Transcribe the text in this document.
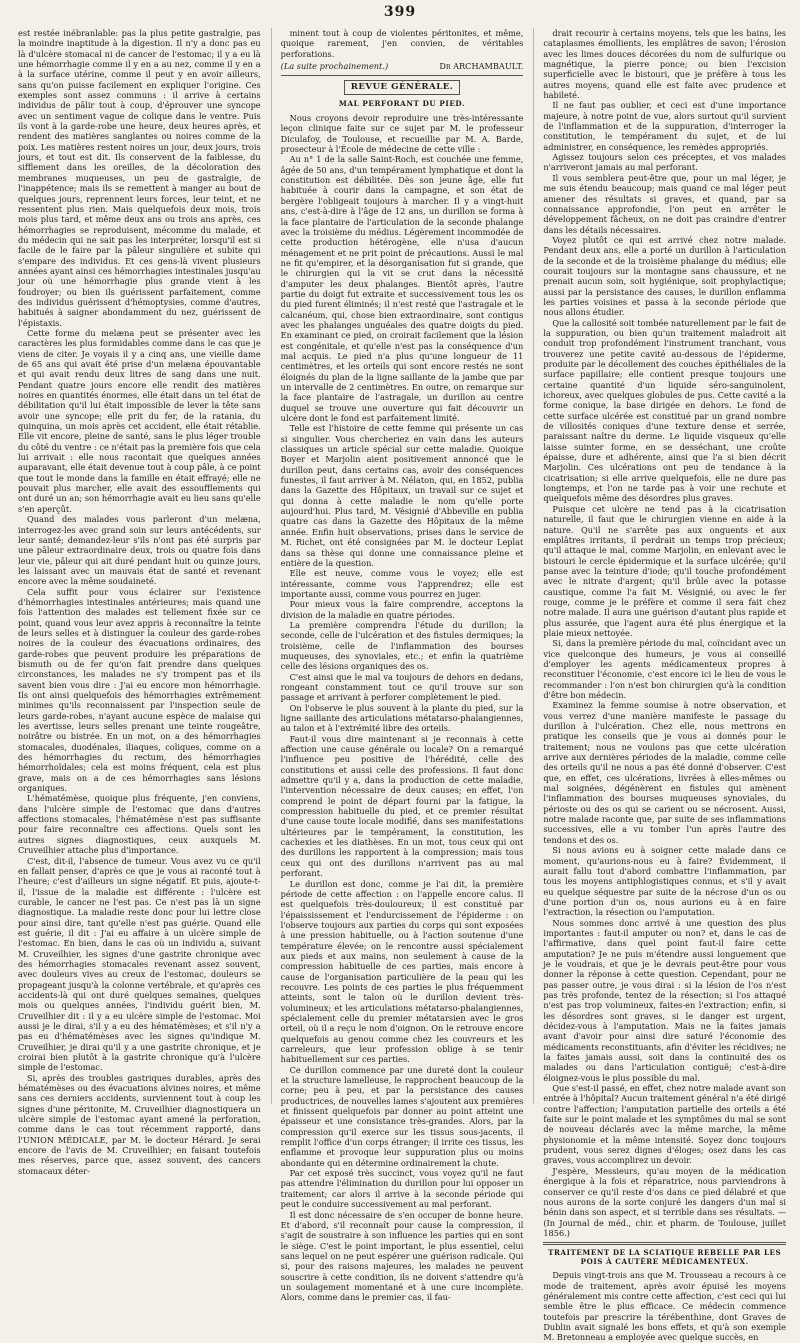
399

est restée inébranlable: pas la plus petite gastralgie, pas la moindre inaptitude à la digestion. Il n'y a donc pas eu là d'ulcère stomacal ni de cancer de l'estomac; il y a eu là une hémorrhagie comme il y en a au nez, comme il y en a à la surface utérine, comme il peut y en avoir ailleurs, sans qu'on puisse facilement en expliquer l'origine. Ces exemples sont assez communs : il arrive à certains individus de pâlir tout à coup, d'éprouver une syncope avec un sentiment vague de colique dans le ventre. Puis ils vont à la garde-robe une heure, deux heures après, et rendent des matières sanglantes ou noires comme de la poix. Les matières restent noires un jour, deux jours, trois jours, et tout est dit. Ils conservent de la faiblesse, du sifflement dans les oreilles, de la décoloration des membranes muqueuses, un peu de gastralgie, de l'inappétence; mais ils se remettent à manger au bout de quelques jours, reprennent leurs forces, leur teint, et ne ressentent plus rien. Mais quelquefois deux mois, trois mois plus tard, et même deux ans ou trois ans après, ces hémorrhagies se reproduisent, mécomme du malade, et du médecin qui ne sait pas les interpréter, lorsqu'il est si facile de le faire par la pâleur singulière et subite qui s'empare des individus. Et ces gens-là vivent plusieurs années ayant ainsi ces hémorrhagies intestinales jusqu'au jour où une hémorrhagie plus grande vient à les foudroyer; ou bien ils guérissent parfaitement, comme des individus guérissent d'hémoptysies, comme d'autres, habitués à saigner abondamment du nez, guérissent de l'épistaxis.

Cette forme du melæna peut se présenter avec les caractères les plus formidables comme dans le cas que je viens de citer. Je voyais il y a cinq ans, une vieille dame de 65 ans qui avait été prise d'un melæna épouvantable et qui avait rendu deux litres de sang dans une nuit. Pendant quatre jours encore elle rendit des matières noires en quantités énormes, elle était dans un tel état de débilitation qu'il lui était impossible de lever la tête sans avoir une syncope; elle prit du fer, de la ratania, du quinquina, un mois après cet accident, elle était rétablie. Elle vit encore, pleine de santé, sans le plus léger trouble du côté du ventre : ce n'était pas la première fois que cela lui arrivait : elle nous racontait que quelques années auparavant, elle était devenue tout à coup pâle, à ce point que tout le monde dans la famille en était effrayé; elle ne pouvait plus marcher, elle avait des essoufflements qui ont duré un an; son hémorrhagie avait eu lieu sans qu'elle s'en aperçût.

Quand des malades vous parleront d'un melæna, interrogez-les avec grand soin sur leurs antécédents, sur leur santé; demandez-leur s'ils n'ont pas été surpris par une pâleur extraordinaire deux, trois ou quatre fois dans leur vie, pâleur qui ait duré pendant huit ou quinze jours, les laissant avec un mauvais état de santé et revenant encore avec la même soudaineté.

Cela suffit pour vous éclairer sur l'existence d'hémorrhagies intestinales antérieures; mais quand une fois l'attention des malades est tellement fixée sur ce point, quand vous leur avez appris à reconnaître la teinte de leurs selles et à distinguer la couleur des garde-robes noires de la couleur des évacuations ordinaires, des garde-robes que peuvent produire les préparations de bismuth ou de fer qu'on fait prendre dans quelques circonstances, les malades ne s'y trompent pas et ils savent bien vous dire : J'ai eu encore mon hémorrhagie. Ils ont ainsi quelquefois des hémorrhagies extrêmement minimes qu'ils reconnaissent par l'inspection seule de leurs garde-robes, n'ayant aucune espèce de malaise qui les avertisse, leurs selles prenant une teinte rougeâtre, noirâtre ou bistrée. En un mot, on a des hémorrhagies stomacales, duodénales, iliaques, coliques, comme on a des hémorrhagies du rectum, des hémorrhagies hémorrhoïdales; cela est moins fréquent, cela est plus grave, mais on a de ces hémorrhagies sans lésions organiques.

L'hématémèse, quoique plus fréquente, j'en conviens, dans l'ulcère simple de l'estomac que dans d'autres affections stomacales, l'hématémèse n'est pas suffisante pour faire reconnaître ces affections. Quels sont les autres signes diagnostiques, ceux auxquels M. Cruveilhier attache plus d'importance.

C'est, dit-il, l'absence de tumeur. Vous avez vu ce qu'il en fallait penser, d'après ce que je vous ai raconté tout à l'heure; c'est d'ailleurs un signe négatif. Et puis, ajoute-t-il, l'issue de la maladie est différente : l'ulcère est curable, le cancer ne l'est pas. Ce n'est pas là un signe diagnostique. La maladie reste donc pour lui lettre close pour ainsi dire, tant qu'elle n'est pas guérie. Quand elle est guérie, il dit : J'ai eu affaire à un ulcère simple de l'estomac. En bien, dans le cas où un individu a, suivant M. Cruveilhier, les signes d'une gastrite chronique avec des hémorrhagies stomacales revenant assez souvent, avec douleurs vives au creux de l'estomac, douleurs se propageant jusqu'à la colonne vertébrale, et qu'après ces accidents-là qui ont duré quelques semaines, quelques mois ou quelques années, l'individu guérit bien, M. Cruveilhier dit : il y a eu ulcère simple de l'estomac. Moi aussi je le dirai, s'il y a eu des hématémèses; et s'il n'y a pas eu d'hématémèses avec les signes qu'indique M. Cruveilhier, je dirai qu'il y a une gastrite chronique, et je croirai bien plutôt à la gastrite chronique qu'à l'ulcère simple de l'estomac.

Si, après des troubles gastriques durables, après des hématémèses ou des évacuations alvines noires, et même sans ces derniers accidents, surviennent tout à coup les signes d'une péritonite, M. Cruveilhier diagnostiquera un ulcère simple de l'estomac ayant amené la perforation, comme dans le cas tout récemment rapporté, dans l'UNION MÉDICALE, par M. le docteur Hérard. Je serai encore de l'avis de M. Cruveilhier; en faisant toutefois mes réserves, parce que, assez souvent, des cancers stomacaux déter-

minent tout à coup de violentes péritonites, et même, quoique rarement, j'en convien, de véritables perforations.

(La suite prochainement.)	Dr ARCHAMBAULT.
REVUE GÉNÉRALE.
MAL PERFORANT DU PIED.

Nous croyons devoir reproduire une très-intéressante leçon clinique faite sur ce sujet par M. le professeur Diculafoy, de Toulouse, et recueillie par M. A. Barde, prosecteur à l'École de médecine de cette ville :

Au n° 1 de la salle Saint-Roch, est couchée une femme, âgée de 50 ans, d'un tempérament lymphatique et dont la constitution est débilitée. Dès son jeune âge, elle fut habituée à courir dans la campagne, et son état de bergère l'obligeait toujours à marcher. Il y a vingt-huit ans, c'est-à-dire à l'âge de 12 ans, un durillon se forma à la face plantaire de l'articulation de la seconde phalange avec la troisième du médius. Légèrement incommodée de cette production hétérogène, elle n'usa d'aucun ménagement et ne prit point de précautions. Aussi le mal ne fit qu'empirer, et la désorganisation fut si grande, que le chirurgien qui la vit se crut dans la nécessité d'amputer les deux phalanges. Bientôt après, l'autre partie du doigt fut extraite et successivement tous les os du pied furent éliminés; il n'est resté que l'astragale et le calcanéum, qui, chose bien extraordinaire, sont contigus avec les phalanges unguéales des quatre doigts du pied. En examinant ce pied, on croirait facilement que la lésion est congénitale, et qu'elle n'est pas la conséquence d'un mal acquis. Le pied n'a plus qu'une longueur de 11 centimètres, et les orteils qui sont encore restés ne sont éloignés du plan de la ligne saillante de la jambe que par un intervalle de 2 centimètres. En outre, on remarque sur la face plantaire de l'astragale, un durillon au centre duquel se trouve une ouverture qui fait découvrir un ulcère dont le fond est parfaitement limité.

Telle est l'histoire de cette femme qui présente un cas si singulier. Vous chercheriez en vain dans les auteurs classiques un article spécial sur cette maladie. Quoique Boyer et Marjolin aient positivement annoncé que le durillon peut, dans certains cas, avoir des conséquences funestes, il faut arriver à M. Nélaton, qui, en 1852, publia dans la Gazette des Hôpitaux, un travail sur ce sujet et qui donna à cette maladie le nom qu'elle porte aujourd'hui. Plus tard, M. Vésignié d'Abbeville en publia quatre cas dans la Gazette des Hôpitaux de la même année. Enfin huit observations, prises dans le service de M. Richet, ont été consignées par M. le docteur Leplat dans sa thèse qui donne une connaissance pleine et entière de la question.

Elle est neuve, comme vous le voyez; elle est intéressante, comme vous l'apprendrez; elle est importante aussi, comme vous pourrez en juger.

Pour mieux vous la faire comprendre, acceptons la division de la maladie en quatre périodes.

La première comprendra l'étude du durillon; la seconde, celle de l'ulcération et des fistules dermiques; la troisième, celle de l'inflammation des bourses muqueuses, des synoviales, etc.; et enfin la quatrième celle des lésions organiques des os.

C'est ainsi que le mal va toujours de dehors en dedans, rongeant constamment tout ce qu'il trouve sur son passage et arrivant à perforer complètement le pied.

On l'observe le plus souvent à la plante du pied, sur la ligne saillante des articulations métatarso-phalangiennes, au talon et à l'extrémité libre des orteils.

Faut-il vous dire maintenant si je reconnais à cette affection une cause générale ou locale? On a remarqué l'influence peu positive de l'hérédité, celle des constitutions et aussi celle des professions. Il faut donc admettre qu'il y a, dans la production de cette maladie, l'intervention nécessaire de deux causes; en effet, l'on comprend le point de départ fourni par la fatigue, la compression habituelle du pied, et ce premier résultat d'une cause toute locale modifié, dans ses manifestations ultérieures par le tempérament, la constitution, les cachexies et les diathèses. En un mot, tous ceux qui ont des durillons les rapportent à la compression; mais tous ceux qui ont des durillons n'arrivent pas au mal perforant.

Le durillon est donc, comme je l'ai dit, la première période de cette affection : on l'appelle encore calus. Il est quelquefois très-douloureux; il est constitué par l'épaississement et l'endurcissement de l'épiderme : on l'observe toujours aux parties du corps qui sont exposées à une pression habituelle, ou à l'action soutenue d'une température élevée; on le rencontre aussi spécialement aux pieds et aux mains, non seulement à cause de la compression habituelle de ces parties, mais encore à cause de l'organisation particulière de la peau qui les recouvre. Les points de ces parties le plus fréquemment atteints, sont le talon où le durillon devient très-volumineux; et les articulations métatarso-phalangiennes, spécialement celle du premier métatarsien avec le gros orteil, où il a reçu le nom d'oignon. On le retrouve encore quelquefois au genou comme chez les couvreurs et les carreleurs, que leur profession oblige à se tenir habituellement sur ces parties.

Ce durillon commence par une dureté dont la couleur et la structure lamelleuse, le rapprochent beaucoup de la corne; peu à peu, et par la persistance des causes productrices, de nouvelles lames s'ajoutent aux premières et finissent quelquefois par donner au point atteint une épaisseur et une consistance très-grandes. Alors, par la compression qu'il exerce sur les tissus sous-jacents, il remplit l'office d'un corps étranger; il irrite ces tissus, les enflamme et provoque leur suppuration plus ou moins abondante qui en détermine ordinairement la chute.

Par cet exposé très succinct, vous voyez qu'il ne faut pas attendre l'élimination du durillon pour lui opposer un traitement; car alors il arrive à la seconde période qui peut le conduire successivement au mal perforant.

Il est donc nécessaire de s'en occuper de bonne heure. Et d'abord, s'il reconnaît pour cause la compression, il s'agit de soustraire à son influence les parties qui en sont le siège. C'est le point important, le plus essentiel, celui sans lequel on ne peut espérer une guérison radicale. Qui si, pour des raisons majeures, les malades ne peuvent souscrire à cette condition, ils ne doivent s'attendre qu'à un soulagement momentané et à une cure incomplète. Alors, comme dans le premier cas, il fau-

drait recourir à certains moyens, tels que les bains, les cataplasmes émollients, les emplâtres de savon; l'érosion avec les limes douces décorées du nom de sulfurique ou magnétique, la pierre ponce; ou bien l'excision superficielle avec le bistouri, que je préfère à tous les autres moyens, quand elle est faite avec prudence et habileté.

Il ne faut pas oublier, et ceci est d'une importance majeure, à notre point de vue, alors surtout qu'il survient de l'inflammation et de la suppuration, d'interroger la constitution, le tempérament du sujet, et de lui administrer, en conséquence, les remèdes appropriés.

Agissez toujours selon ces préceptes, et vos malades n'arriveront jamais au mal perforant.

Il vous semblera peut-être que, pour un mal léger, je me suis étendu beaucoup; mais quand ce mal léger peut amener des résultats si graves, et quand, par sa connaissance approfondie, l'on peut en arrêter le développement fâcheux, on ne doit pas craindre d'entrer dans les détails nécessaires.

Voyez plutôt ce qui est arrivé chez notre malade. Pendant deux ans, elle a porté un durillon à l'articulation de la seconde et de la troisième phalange du médius; elle courait toujours sur la montagne sans chaussure, et ne prenait aucun soin, soit hygiénique, soit prophylactique; aussi par la persistance des causes, le durillon enflamma les parties voisines et passa à la seconde période que nous allons étudier.

Que la callosité soit tombée naturellement par le fait de la suppuration, ou bien qu'un traitement maladroit ait conduit trop profondément l'instrument tranchant, vous trouverez une petite cavité au-dessous de l'épiderme, produite par le décollement des couches épithéliales de la surface papillaire; elle contient presque toujours une certaine quantité d'un liquide séro-sanguinolent, ichoreux, avec quelques globules de pus. Cette cavité a la forme conique, la base dirigée en dehors. Le fond de cette surface ulcérée est constitué par un grand nombre de villosités coniques d'une texture dense et serrée, paraissant naître du derme. Le liquide visqueux qu'elle laisse suinter forme, en se desséchant, une croûte épaisse, dure et adhérente, ainsi que l'a si bien décrit Marjolin. Ces ulcérations ont peu de tendance à la cicatrisation; si elle arrive quelquefois, elle ne dure pas longtemps, et l'on ne tarde pas à voir une rechute et quelquefois même des désordres plus graves.

Puisque cet ulcère ne tend pas à la cicatrisation naturelle, il faut que le chirurgien vienne en aide à la nature. Qu'il ne s'arrête pas aux onguents et aux emplâtres irritants, il perdrait un temps trop précieux; qu'il attaque le mal, comme Marjolin, en enlevant avec le bistouri le cercle épidermique et la surface ulcérée; qu'il panse avec la teinture d'iode; qu'il touche profondément avec le nitrate d'argent; qu'il brûle avec la potasse caustique, comme l'a fait M. Vésignié, ou avec le fer rouge, comme je le préfère et comme il sera fait chez notre malade. Il aura une guérison d'autant plus rapide et plus assurée, que l'agent aura été plus énergique et la plaie mieux nettoyée.

Si, dans la première période du mal, coïncidant avec un vice quelconque des humeurs, je vous ai conseillé d'employer les agents médicamenteux propres à reconstituer l'économie, c'est encore ici le lieu de vous le recommander : l'on n'est bon chirurgien qu'à la condition d'être bon médecin.

Examinez la femme soumise à notre observation, et vous verrez d'une manière manifeste le passage du durillon à l'ulcération. Chez elle, nous mettrons en pratique les conseils que je vous ai donnés pour le traitement; nous ne voulons pas que cette ulcération arrive aux dernières périodes de la maladie, comme celle des orteils qu'il ne nous a pas été donné d'observer. C'est que, en effet, ces ulcérations, livrées à elles-mêmes ou mal soignées, dégénèrent en fistules qui amènent l'inflammation des bourses muqueuses synoviales, du périoste ou des os qui se carient ou se nécrosent. Aussi, notre malade raconte que, par suite de ses inflammations successives, elle a vu tomber l'un après l'autre des tendons et des os.

Si nous avions eu à soigner cette malade dans ce moment, qu'aurions-nous eu à faire? Évidemment, il aurait fallu tout d'abord combattre l'inflammation, par tous les moyens antiphlogistiques connus, et s'il y avait eu quelque séquestre par suite de la nécrose d'un os ou d'une portion d'un os, nous aurions eu à en faire l'extraction, la résection ou l'amputation.

Nous sommes donc arrivé à une question des plus importantes : faut-il amputer ou non? et, dans le cas de l'affirmative, dans quel point faut-il faire cette amputation? Je ne puis m'étendre aussi longuement que je le voudrais, et que je le devrais peut-être pour vous donner la réponse à cette question. Cependant, pour ne pas passer outre, je vous dirai : si la lésion de l'os n'est pas très profonde, tentez de la résection; si l'os attaqué n'est pas trop volumineux, faites-en l'extraction; enfin, si les désordres sont graves, si le danger est urgent, décidez-vous à l'amputation. Mais ne la faites jamais avant d'avoir pour ainsi dire saturé l'économie des médicaments reconstituants, afin d'éviter les récidives; ne la faites jamais aussi, soit dans la continuité des os malades ou dans l'articulation contiguë; c'est-à-dire éloignez-vous le plus possible du mal.

Que s'est-il passé, en effet, chez notre malade avant son entrée à l'hôpital? Aucun traitement général n'a été dirigé contre l'affection; l'amputation partielle des orteils a été faite sur le point malade et les symptômes du mal se sont de nouveau déclarés avec la même marche, la même physionomie et la même intensité. Soyez donc toujours prudent, vous serez dignes d'éloges; osez dans les cas graves, vous accomplirez un devoir.

J'espère, Messieurs, qu'au moyen de la médication énergique à la fois et réparatrice, nous parviendrons à conserver ce qu'il reste d'os dans ce pied délabré et que nous aurons de la sorte conjuré les dangers d'un mal si bénin dans son aspect, et si terrible dans ses résultats. — (In Journal de méd., chir. et pharm. de Toulouse, juillet 1856.)

TRAITEMENT DE LA SCIATIQUE REBELLE PAR LES POIS À CAUTÈRE MÉDICAMENTEUX.

Depuis vingt-trois ans que M. Trousseau a recours à ce mode de traitement, après avoir épuisé les moyens généralement mis contre cette affection, c'est ceci qui lui semble être le plus efficace. Ce médecin commence toutefois par prescrire la térébenthine, dont Graves de Dublin avait signalé les bons effets, et qu'à son exemple M. Bretonneau a employée avec quelque succès, en
